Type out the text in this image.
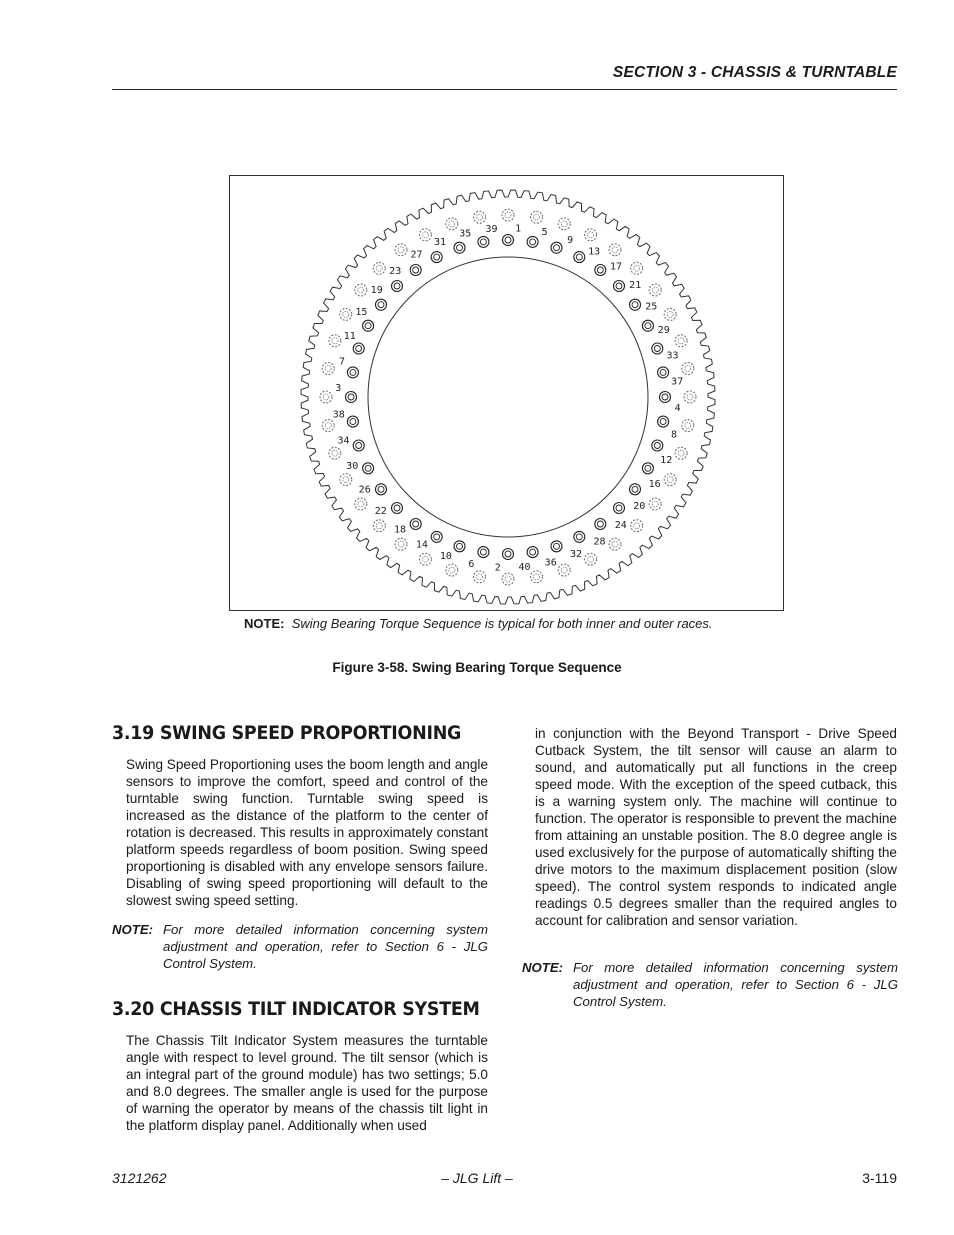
SECTION 3 - CHASSIS & TURNTABLE
1 5
9
13
17
21
25
29
33
37
4
8
12
16
20
24
28
32
36
40
2
6
10
14
18
22
26
30
34
38
3
7
11
15
19
23
27
31
35 39
NOTE: Swing Bearing Torque Sequence is typical for both inner and outer races.
Figure 3-58. Swing Bearing Torque Sequence
3.19 SWING SPEED PROPORTIONING
Swing Speed Proportioning uses the boom length and angle sensors to improve the comfort, speed and control of the turntable swing function. Turntable swing speed is increased as the distance of the platform to the center of rotation is decreased. This results in approximately constant platform speeds regardless of boom position. Swing speed proportioning is disabled with any envelope sensors failure. Disabling of swing speed proportioning will default to the slowest swing speed setting.
NOTE: For more detailed information concerning system adjustment and operation, refer to Section 6 - JLG Control System.
3.20 CHASSIS TILT INDICATOR SYSTEM
The Chassis Tilt Indicator System measures the turntable angle with respect to level ground. The tilt sensor (which is an integral part of the ground module) has two settings; 5.0 and 8.0 degrees. The smaller angle is used for the purpose of warning the operator by means of the chassis tilt light in the platform display panel. Additionally when used
in conjunction with the Beyond Transport - Drive Speed Cutback System, the tilt sensor will cause an alarm to sound, and automatically put all functions in the creep speed mode. With the exception of the speed cutback, this is a warning system only. The machine will continue to function. The operator is responsible to prevent the machine from attaining an unstable position. The 8.0 degree angle is used exclusively for the purpose of automatically shifting the drive motors to the maximum displacement position (slow speed). The control system responds to indicated angle readings 0.5 degrees smaller than the required angles to account for calibration and sensor variation.
NOTE: For more detailed information concerning system adjustment and operation, refer to Section 6 - JLG Control System.
3121262	– JLG Lift –	3-119
